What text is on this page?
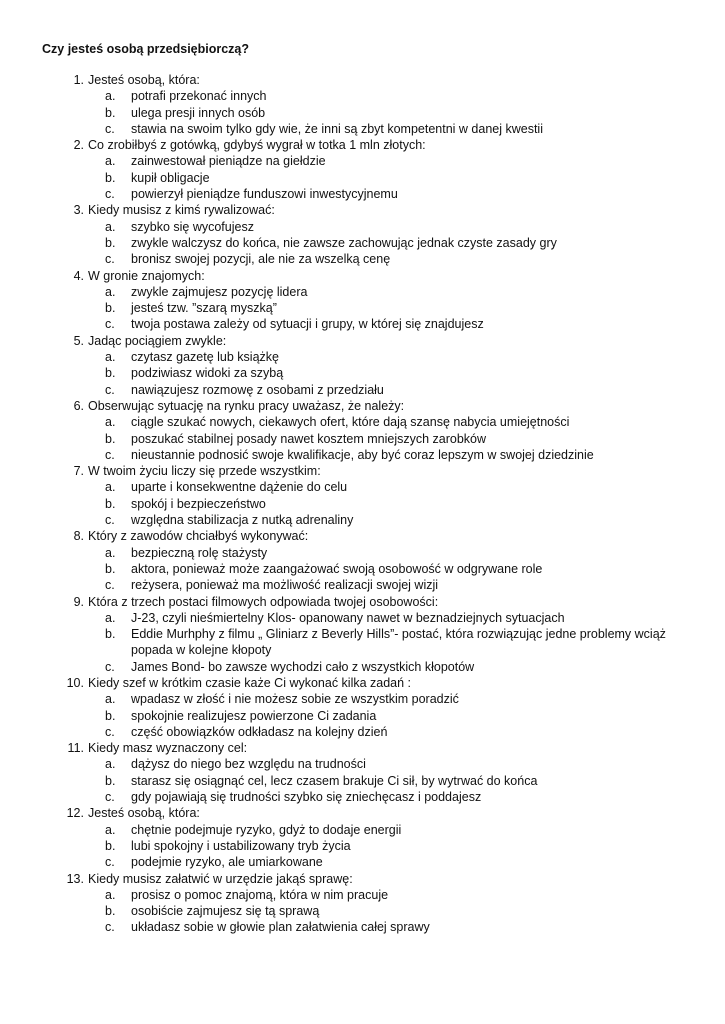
Czy jesteś osobą przedsiębiorczą?
1. Jesteś osobą, która:
a.	potrafi przekonać innych
b.	ulega presji innych osób
c.	stawia na swoim tylko gdy wie, że inni są zbyt kompetentni w danej kwestii
2. Co zrobiłbyś z gotówką, gdybyś wygrał w totka 1 mln złotych:
a.	zainwestował pieniądze na giełdzie
b.	kupił obligacje
c.	powierzył pieniądze funduszowi inwestycyjnemu
3. Kiedy musisz z kimś rywalizować:
a.	szybko się wycofujesz
b.	zwykle walczysz do końca, nie zawsze zachowując jednak czyste zasady gry
c.	bronisz swojej pozycji, ale nie za wszelką cenę
4. W gronie znajomych:
a.	zwykle zajmujesz pozycję lidera
b.	jesteś tzw. ”szarą myszką”
c.	twoja postawa zależy od sytuacji i grupy, w której się znajdujesz
5. Jadąc pociągiem zwykle:
a.	czytasz gazetę lub książkę
b.	podziwiasz widoki za szybą
c.	nawiązujesz rozmowę z osobami z przedziału
6. Obserwując sytuację na rynku pracy uważasz, że należy:
a.	ciągle szukać nowych, ciekawych ofert, które dają szansę nabycia umiejętności
b.	poszukać stabilnej posady nawet kosztem mniejszych zarobków
c.	nieustannie podnosić swoje kwalifikacje, aby być coraz lepszym w swojej dziedzinie
7. W twoim życiu liczy się przede wszystkim:
a.	uparte i konsekwentne dążenie do celu
b.	spokój i bezpieczeństwo
c.	względna stabilizacja z nutką adrenaliny
8. Który z zawodów chciałbyś wykonywać:
a.	bezpieczną rolę stażysty
b.	aktora, ponieważ może zaangażować swoją osobowość w odgrywane role
c.	reżysera, ponieważ ma możliwość realizacji swojej wizji
9. Która z trzech postaci filmowych odpowiada twojej osobowości:
a.	J-23, czyli nieśmiertelny Klos- opanowany nawet w beznadziejnych sytuacjach
b.	Eddie Murhphy z filmu „ Gliniarz z Beverly Hills”- postać, która rozwiązując jedne problemy wciąż popada w kolejne kłopoty
c.	James Bond- bo zawsze wychodzi cało z wszystkich kłopotów
10. Kiedy szef w krótkim czasie każe Ci wykonać kilka zadań :
a.	wpadasz w złość i nie możesz sobie ze wszystkim poradzić
b.	spokojnie realizujesz powierzone Ci zadania
c.	część obowiązków odkładasz na kolejny dzień
11. Kiedy masz wyznaczony cel:
a.	dążysz do niego bez względu na trudności
b.	starasz się osiągnąć cel, lecz czasem brakuje Ci sił, by wytrwać do końca
c.	gdy pojawiają się trudności szybko się zniechęcasz i poddajesz
12. Jesteś osobą, która:
a.	chętnie podejmuje ryzyko, gdyż to dodaje energii
b.	lubi spokojny i ustabilizowany tryb życia
c.	podejmie ryzyko, ale umiarkowane
13. Kiedy musisz załatwić w urzędzie jakąś sprawę:
a.	prosisz o pomoc znajomą, która w nim pracuje
b.	osobiście zajmujesz się tą sprawą
c.	układasz sobie w głowie plan załatwienia całej sprawy
